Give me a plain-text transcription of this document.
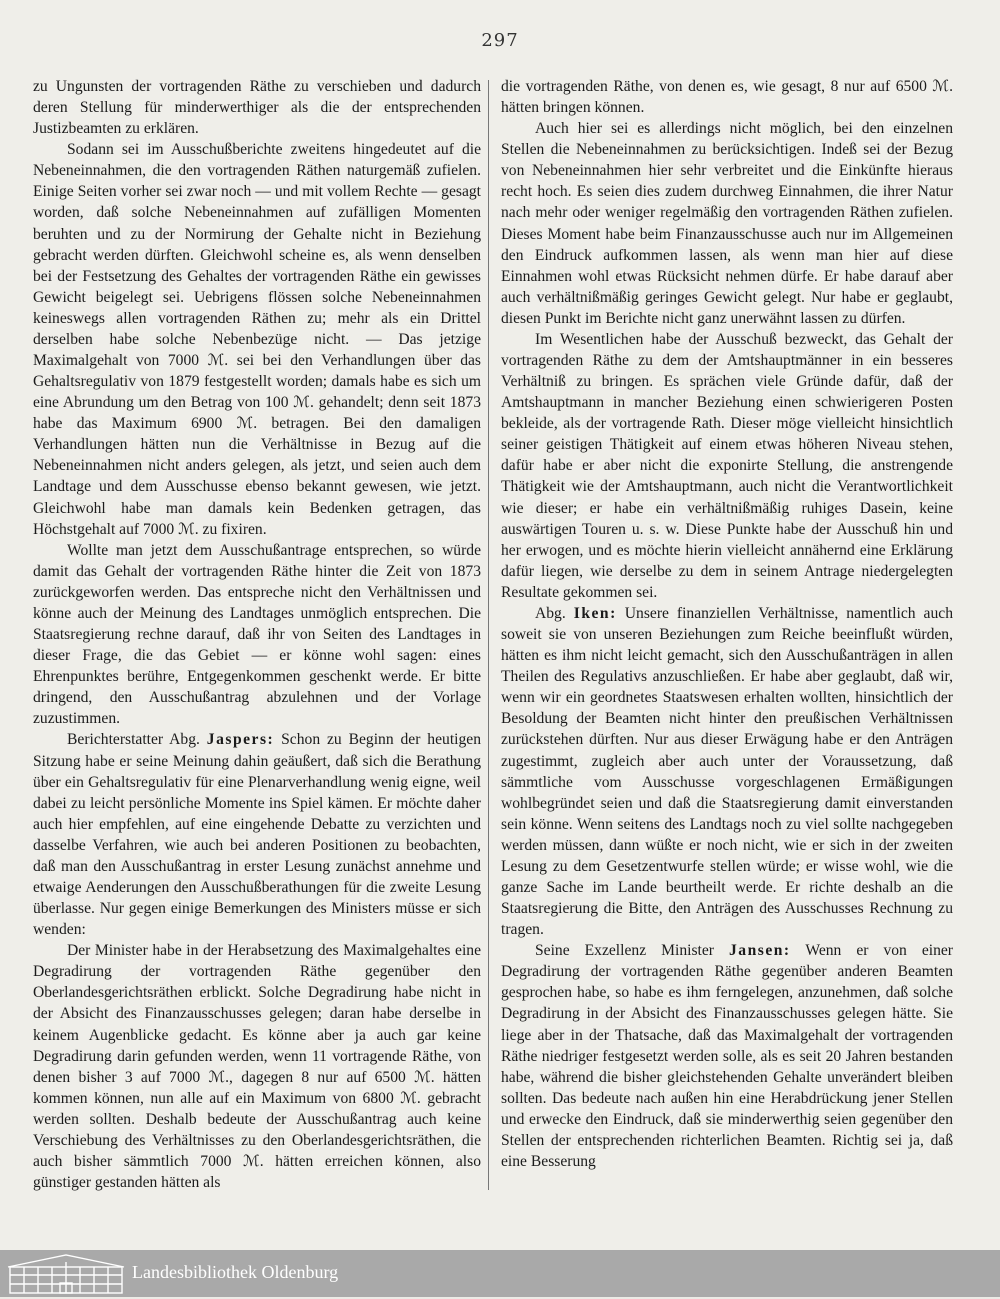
297

zu Ungunsten der vortragenden Räthe zu verschieben und dadurch deren Stellung für minderwerthiger als die der entsprechenden Justizbeamten zu erklären.

Sodann sei im Ausschußberichte zweitens hingedeutet auf die Nebeneinnahmen, die den vortragenden Räthen naturgemäß zufielen. Einige Seiten vorher sei zwar noch — und mit vollem Rechte — gesagt worden, daß solche Nebeneinnahmen auf zufälligen Momenten beruhten und zu der Normirung der Gehalte nicht in Beziehung gebracht werden dürften. Gleichwohl scheine es, als wenn denselben bei der Festsetzung des Gehaltes der vortragenden Räthe ein gewisses Gewicht beigelegt sei. Uebrigens flössen solche Nebeneinnahmen keineswegs allen vortragenden Räthen zu; mehr als ein Drittel derselben habe solche Nebenbezüge nicht. — Das jetzige Maximalgehalt von 7000 ℳ. sei bei den Verhandlungen über das Gehaltsregulativ von 1879 festgestellt worden; damals habe es sich um eine Abrundung um den Betrag von 100 ℳ. gehandelt; denn seit 1873 habe das Maximum 6900 ℳ. betragen. Bei den damaligen Verhandlungen hätten nun die Verhältnisse in Bezug auf die Nebeneinnahmen nicht anders gelegen, als jetzt, und seien auch dem Landtage und dem Ausschusse ebenso bekannt gewesen, wie jetzt. Gleichwohl habe man damals kein Bedenken getragen, das Höchstgehalt auf 7000 ℳ. zu fixiren.

Wollte man jetzt dem Ausschußantrage entsprechen, so würde damit das Gehalt der vortragenden Räthe hinter die Zeit von 1873 zurückgeworfen werden. Das entspreche nicht den Verhältnissen und könne auch der Meinung des Landtages unmöglich entsprechen. Die Staatsregierung rechne darauf, daß ihr von Seiten des Landtages in dieser Frage, die das Gebiet — er könne wohl sagen: eines Ehrenpunktes berühre, Entgegenkommen geschenkt werde. Er bitte dringend, den Ausschußantrag abzulehnen und der Vorlage zuzustimmen.

Berichterstatter Abg. Jaspers: Schon zu Beginn der heutigen Sitzung habe er seine Meinung dahin geäußert, daß sich die Berathung über ein Gehaltsregulativ für eine Plenarverhandlung wenig eigne, weil dabei zu leicht persönliche Momente ins Spiel kämen. Er möchte daher auch hier empfehlen, auf eine eingehende Debatte zu verzichten und dasselbe Verfahren, wie auch bei anderen Positionen zu beobachten, daß man den Ausschußantrag in erster Lesung zunächst annehme und etwaige Aenderungen den Ausschußberathungen für die zweite Lesung überlasse. Nur gegen einige Bemerkungen des Ministers müsse er sich wenden:

Der Minister habe in der Herabsetzung des Maximalgehaltes eine Degradirung der vortragenden Räthe gegenüber den Oberlandesgerichtsräthen erblickt. Solche Degradirung habe nicht in der Absicht des Finanzausschusses gelegen; daran habe derselbe in keinem Augenblicke gedacht. Es könne aber ja auch gar keine Degradirung darin gefunden werden, wenn 11 vortragende Räthe, von denen bisher 3 auf 7000 ℳ., dagegen 8 nur auf 6500 ℳ. hätten kommen können, nun alle auf ein Maximum von 6800 ℳ. gebracht werden sollten. Deshalb bedeute der Ausschußantrag auch keine Verschiebung des Verhältnisses zu den Oberlandesgerichtsräthen, die auch bisher sämmtlich 7000 ℳ. hätten erreichen können, also günstiger gestanden hätten als

die vortragenden Räthe, von denen es, wie gesagt, 8 nur auf 6500 ℳ. hätten bringen können.

Auch hier sei es allerdings nicht möglich, bei den einzelnen Stellen die Nebeneinnahmen zu berücksichtigen. Indeß sei der Bezug von Nebeneinnahmen hier sehr verbreitet und die Einkünfte hieraus recht hoch. Es seien dies zudem durchweg Einnahmen, die ihrer Natur nach mehr oder weniger regelmäßig den vortragenden Räthen zufielen. Dieses Moment habe beim Finanzausschusse auch nur im Allgemeinen den Eindruck aufkommen lassen, als wenn man hier auf diese Einnahmen wohl etwas Rücksicht nehmen dürfe. Er habe darauf aber auch verhältnißmäßig geringes Gewicht gelegt. Nur habe er geglaubt, diesen Punkt im Berichte nicht ganz unerwähnt lassen zu dürfen.

Im Wesentlichen habe der Ausschuß bezweckt, das Gehalt der vortragenden Räthe zu dem der Amtshauptmänner in ein besseres Verhältniß zu bringen. Es sprächen viele Gründe dafür, daß der Amtshauptmann in mancher Beziehung einen schwierigeren Posten bekleide, als der vortragende Rath. Dieser möge vielleicht hinsichtlich seiner geistigen Thätigkeit auf einem etwas höheren Niveau stehen, dafür habe er aber nicht die exponirte Stellung, die anstrengende Thätigkeit wie der Amtshauptmann, auch nicht die Verantwortlichkeit wie dieser; er habe ein verhältnißmäßig ruhiges Dasein, keine auswärtigen Touren u. s. w. Diese Punkte habe der Ausschuß hin und her erwogen, und es möchte hierin vielleicht annähernd eine Erklärung dafür liegen, wie derselbe zu dem in seinem Antrage niedergelegten Resultate gekommen sei.

Abg. Iken: Unsere finanziellen Verhältnisse, namentlich auch soweit sie von unseren Beziehungen zum Reiche beeinflußt würden, hätten es ihm nicht leicht gemacht, sich den Ausschußanträgen in allen Theilen des Regulativs anzuschließen. Er habe aber geglaubt, daß wir, wenn wir ein geordnetes Staatswesen erhalten wollten, hinsichtlich der Besoldung der Beamten nicht hinter den preußischen Verhältnissen zurückstehen dürften. Nur aus dieser Erwägung habe er den Anträgen zugestimmt, zugleich aber auch unter der Voraussetzung, daß sämmtliche vom Ausschusse vorgeschlagenen Ermäßigungen wohlbegründet seien und daß die Staatsregierung damit einverstanden sein könne. Wenn seitens des Landtags noch zu viel sollte nachgegeben werden müssen, dann wüßte er noch nicht, wie er sich in der zweiten Lesung zu dem Gesetzentwurfe stellen würde; er wisse wohl, wie die ganze Sache im Lande beurtheilt werde. Er richte deshalb an die Staatsregierung die Bitte, den Anträgen des Ausschusses Rechnung zu tragen.

Seine Exzellenz Minister Jansen: Wenn er von einer Degradirung der vortragenden Räthe gegenüber anderen Beamten gesprochen habe, so habe es ihm ferngelegen, anzunehmen, daß solche Degradirung in der Absicht des Finanzausschusses gelegen hätte. Sie liege aber in der Thatsache, daß das Maximalgehalt der vortragenden Räthe niedriger festgesetzt werden solle, als es seit 20 Jahren bestanden habe, während die bisher gleichstehenden Gehalte unverändert bleiben sollten. Das bedeute nach außen hin eine Herabdrückung jener Stellen und erwecke den Eindruck, daß sie minderwerthig seien gegenüber den Stellen der entsprechenden richterlichen Beamten. Richtig sei ja, daß eine Besserung

Landesbibliothek Oldenburg
